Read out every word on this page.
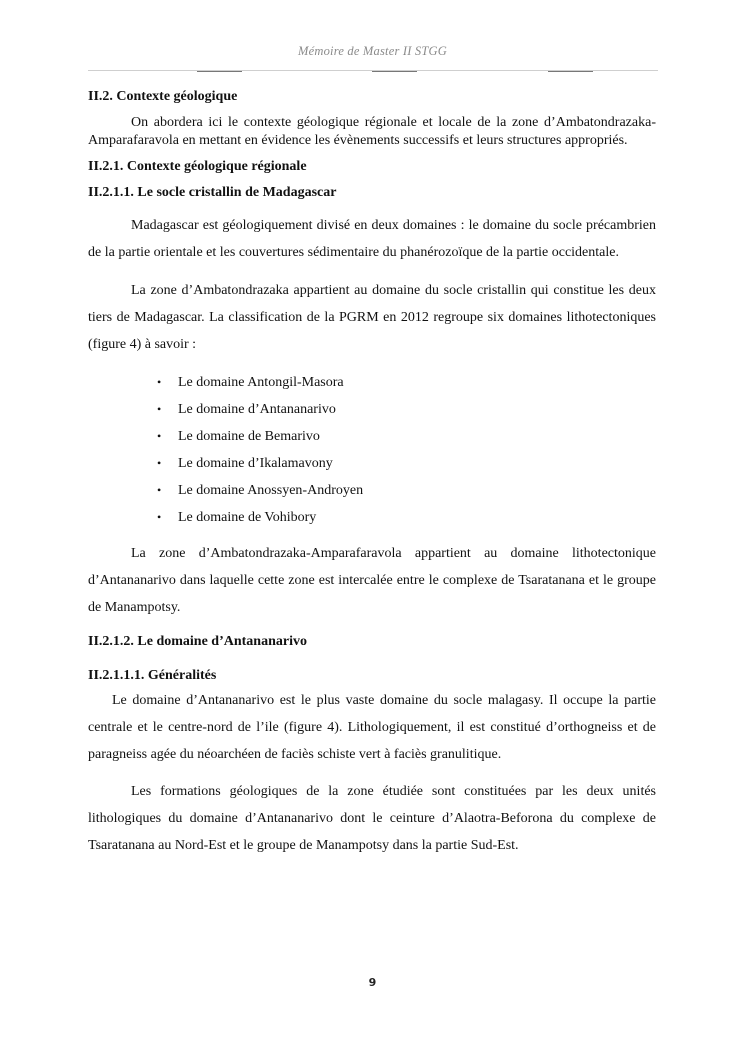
Mémoire de Master II STGG

II.2. Contexte géologique

On abordera ici le contexte géologique régionale et locale de la zone d’Ambatondrazaka-Amparafaravola en mettant en évidence les évènements successifs et leurs structures appropriés.

II.2.1. Contexte géologique régionale

II.2.1.1. Le socle cristallin de Madagascar

Madagascar est géologiquement divisé en deux domaines : le domaine du socle précambrien de la partie orientale et les couvertures sédimentaire du phanérozoïque de la partie occidentale.

La zone d’Ambatondrazaka appartient au domaine du socle cristallin qui constitue les deux tiers de Madagascar. La classification de la PGRM en 2012 regroupe six domaines lithotectoniques (figure 4) à savoir :

• Le domaine Antongil-Masora
• Le domaine d’Antananarivo
• Le domaine de Bemarivo
• Le domaine d’Ikalamavony
• Le domaine Anossyen-Androyen
• Le domaine de Vohibory

La zone d’Ambatondrazaka-Amparafaravola appartient au domaine lithotectonique d’Antananarivo dans laquelle cette zone est intercalée entre le complexe de Tsaratanana et le groupe de Manampotsy.

II.2.1.2. Le domaine d’Antananarivo

II.2.1.1.1. Généralités

Le domaine d’Antananarivo est le plus vaste domaine du socle malagasy. Il occupe la partie centrale et le centre-nord de l’ile (figure 4). Lithologiquement, il est constitué d’orthogneiss et de paragneiss agée du néoarchéen de faciès schiste vert à faciès granulitique.

Les formations géologiques de la zone étudiée sont constituées par les deux unités lithologiques du domaine d’Antananarivo dont le ceinture d’Alaotra-Beforona du complexe de Tsaratanana au Nord-Est et le groupe de Manampotsy dans la partie Sud-Est.

9
